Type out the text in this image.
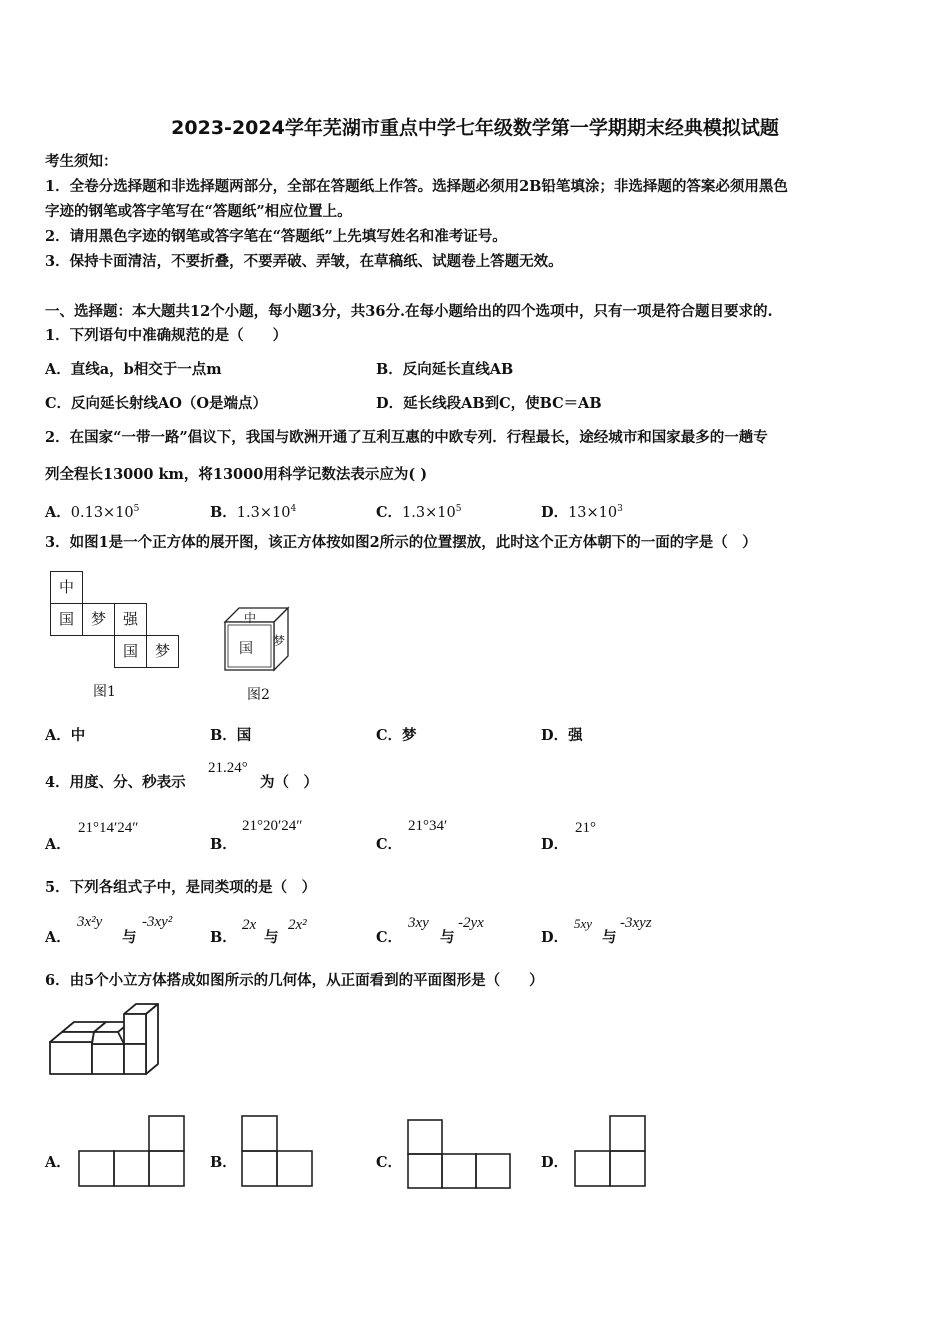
2023-2024学年芜湖市重点中学七年级数学第一学期期末经典模拟试题
考生须知：
1．全卷分选择题和非选择题两部分，全部在答题纸上作答。选择题必须用2B铅笔填涂；非选择题的答案必须用黑色
字迹的钢笔或答字笔写在“答题纸”相应位置上。
2．请用黑色字迹的钢笔或答字笔在“答题纸”上先填写姓名和准考证号。
3．保持卡面清洁，不要折叠，不要弄破、弄皱，在草稿纸、试题卷上答题无效。
一、选择题：本大题共12个小题，每小题3分，共36分.在每小题给出的四个选项中，只有一项是符合题目要求的.
1．下列语句中准确规范的是（　　）
A．直线a，b相交于一点m	B．反向延长直线AB
C．反向延长射线AO（O是端点）	D．延长线段AB到C，使BC＝AB
2．在国家“一带一路”倡议下，我国与欧洲开通了互利互惠的中欧专列．行程最长，途经城市和国家最多的一趟专
列全程长13000 km，将13000用科学记数法表示应为( )
A．$0.13\times 10^5$	B．$1.3\times 10^4$	C．$1.3\times 10^5$	D．$13\times 10^3$
3．如图1是一个正方体的展开图，该正方体按如图2所示的位置摆放，此时这个正方体朝下的一面的字是（　）
中
国	梦	强
国	梦
图1
中
国 梦
图2
A．中	B．国	C．梦	D．强
4．用度、分、秒表示
21.24°
为（　）
A．
21°14′24″
B．
21°20′24″
C．
21°34′
D．
21°
5．下列各组式子中，是同类项的是（　）
A．
3x²y
与
-3xy²
B．
2x
与
2x²
C．
3xy
与
-2yx
D．
5xy
与
-3xyz
6．由5个小立方体搭成如图所示的几何体，从正面看到的平面图形是（　　）
A．	B．	C．	D．
